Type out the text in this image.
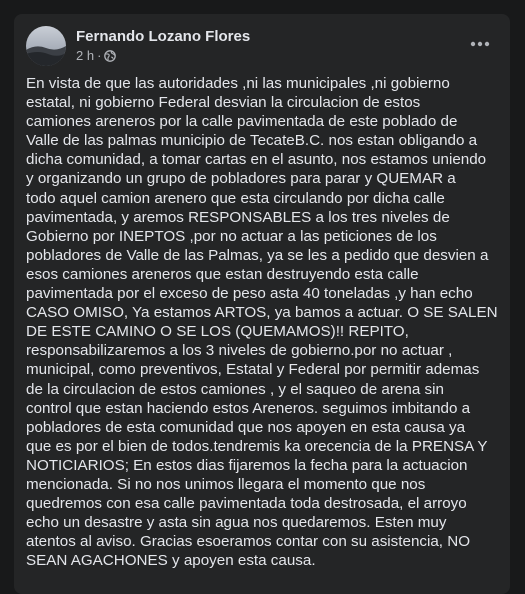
Fernando Lozano Flores
2 h ·

En vista de que las autoridades ,ni las municipales ,ni gobierno
estatal, ni gobierno Federal desvian la circulacion de estos
camiones areneros por la calle pavimentada de este poblado de
Valle de las palmas municipio de TecateB.C. nos estan obligando a
dicha comunidad, a tomar cartas en el asunto, nos estamos uniendo
y organizando un grupo de pobladores para parar y QUEMAR a
todo aquel camion arenero que esta circulando por dicha calle
pavimentada, y aremos RESPONSABLES a los tres niveles de
Gobierno por INEPTOS ,por no actuar a las peticiones de los
pobladores de Valle de las Palmas, ya se les a pedido que desvien a
esos camiones areneros que estan destruyendo esta calle
pavimentada por el exceso de peso asta 40 toneladas ,y han echo
CASO OMISO, Ya estamos ARTOS, ya bamos a actuar. O SE SALEN
DE ESTE CAMINO O SE LOS (QUEMAMOS)!! REPITO,
responsabilizaremos a los 3 niveles de gobierno.por no actuar ,
municipal, como preventivos, Estatal y Federal por permitir ademas
de la circulacion de estos camiones , y el saqueo de arena sin
control que estan haciendo estos Areneros. seguimos imbitando a
pobladores de esta comunidad que nos apoyen en esta causa ya
que es por el bien de todos.tendremis ka orecencia de la PRENSA Y
NOTICIARIOS; En estos dias fijaremos la fecha para la actuacion
mencionada. Si no nos unimos llegara el momento que nos
quedremos con esa calle pavimentada toda destrosada, el arroyo
echo un desastre y asta sin agua nos quedaremos. Esten muy
atentos al aviso. Gracias esoeramos contar con su asistencia, NO
SEAN AGACHONES y apoyen esta causa.
